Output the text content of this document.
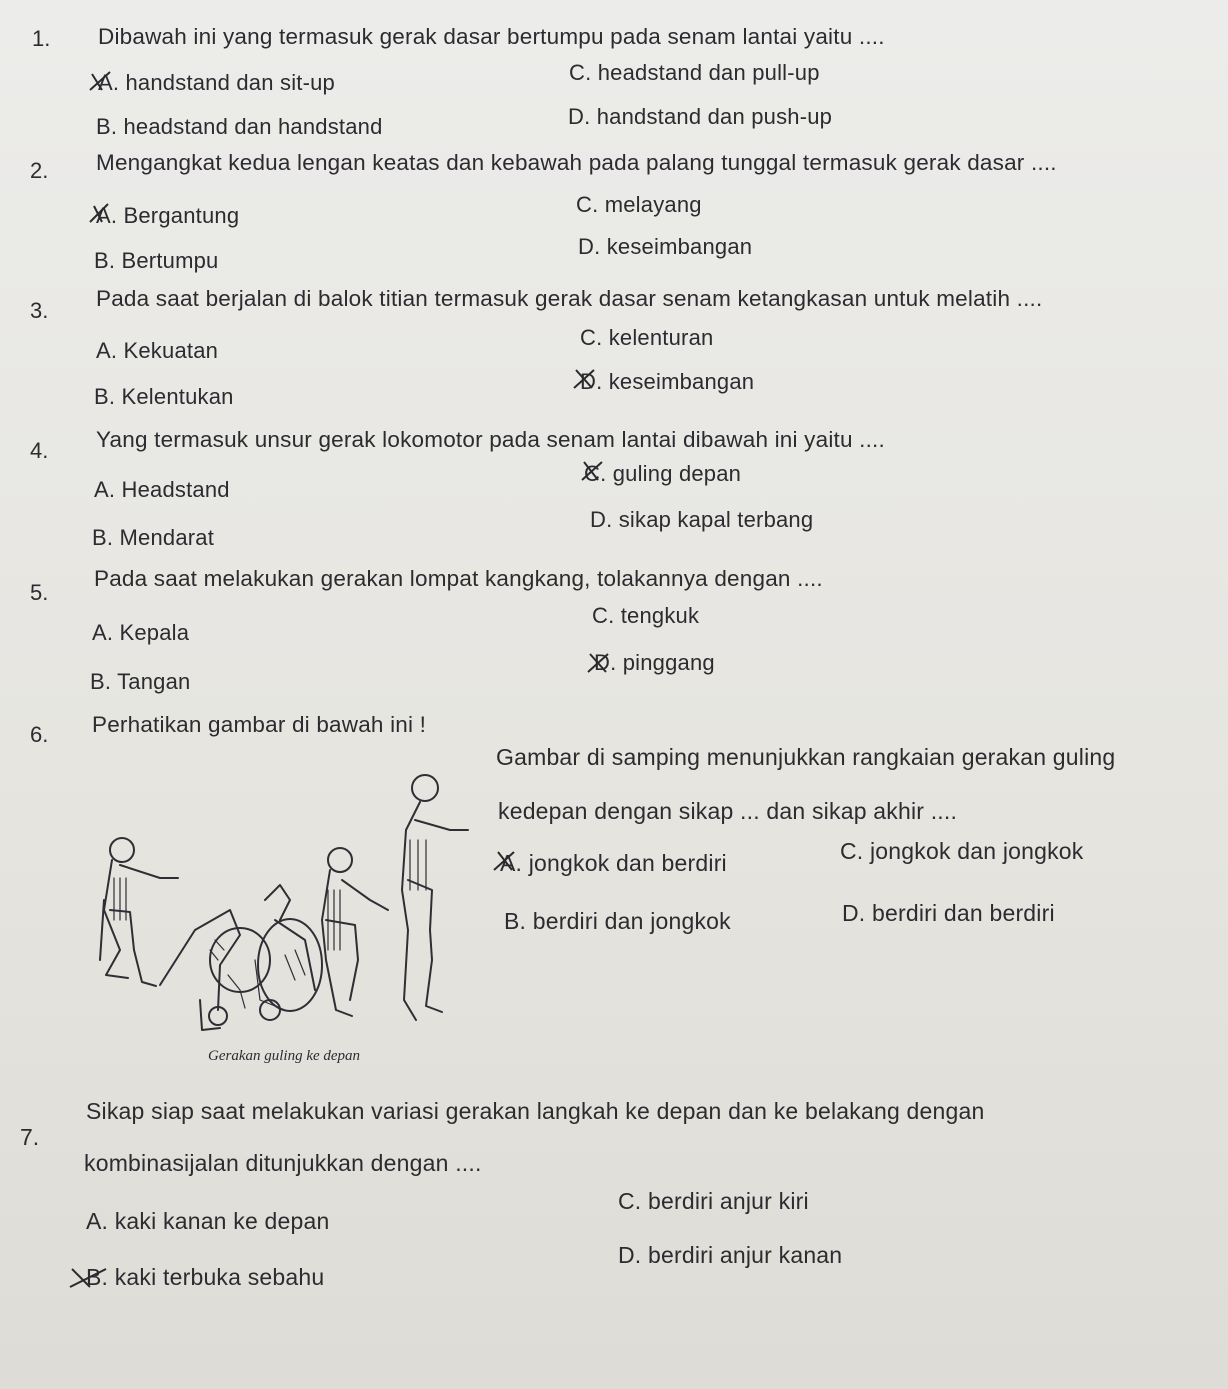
1. Dibawah ini yang termasuk gerak dasar bertumpu pada senam lantai yaitu ....
A. handstand dan sit-up	C. headstand dan pull-up
B. headstand dan handstand	D. handstand dan push-up
2. Mengangkat kedua lengan keatas dan kebawah pada palang tunggal termasuk gerak dasar ....
A. Bergantung	C. melayang
B. Bertumpu
D. keseimbangan
3. Pada saat berjalan di balok titian termasuk gerak dasar senam ketangkasan untuk melatih ....
A. Kekuatan
C. kelenturan
B. Kelentukan
D. keseimbangan
4. Yang termasuk unsur gerak lokomotor pada senam lantai dibawah ini yaitu ....
A. Headstand
C. guling depan
B. Mendarat
D. sikap kapal terbang
5.
Pada saat melakukan gerakan lompat kangkang, tolakannya dengan ....
A. Kepala
C. tengkuk
B. Tangan
D. pinggang
6. Perhatikan gambar di bawah ini !
Gambar di samping menunjukkan rangkaian gerakan guling
kedepan dengan sikap ... dan sikap akhir ....
A. jongkok dan berdiri	C. jongkok dan jongkok
B. berdiri dan jongkok	D. berdiri dan berdiri
Gerakan guling ke depan
7.
Sikap siap saat melakukan variasi gerakan langkah ke depan dan ke belakang dengan
kombinasijalan ditunjukkan dengan ....
A. kaki kanan ke depan
C. berdiri anjur kiri
B. kaki terbuka sebahu
D. berdiri anjur kanan
